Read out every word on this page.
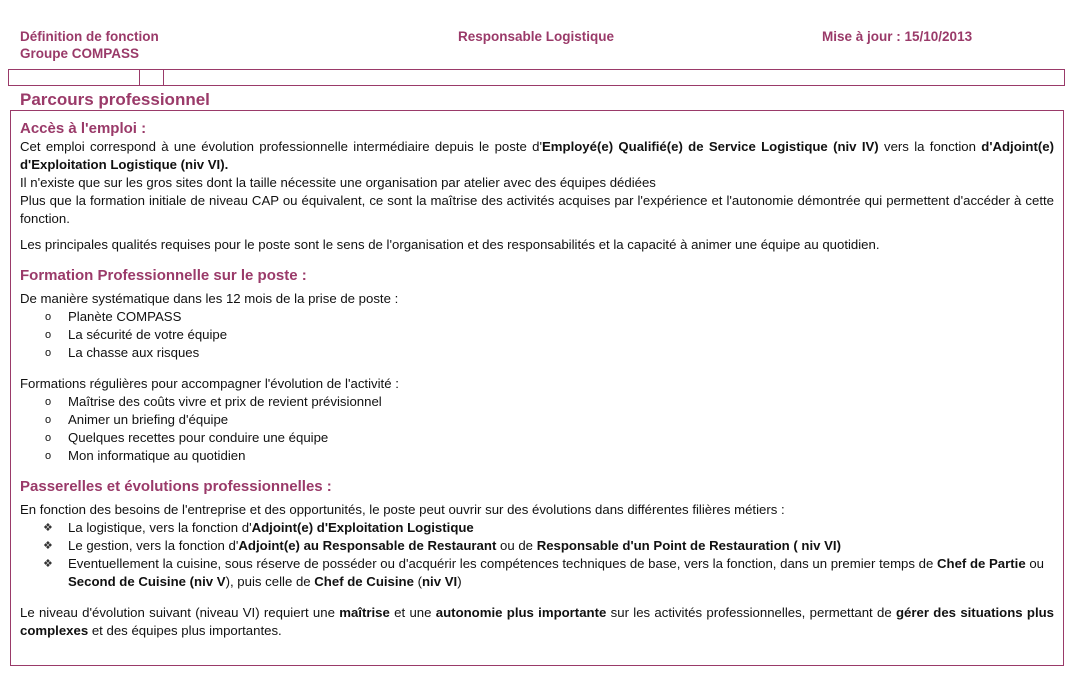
Définition de fonction
Groupe COMPASS
Responsable Logistique	Mise à jour : 15/10/2013
Parcours professionnel
Accès à l'emploi :

Cet emploi correspond à une évolution professionnelle intermédiaire depuis le poste d'Employé(e) Qualifié(e) de Service Logistique (niv IV) vers la fonction d'Adjoint(e) d'Exploitation Logistique (niv VI).

Il n'existe que sur les gros sites dont la taille nécessite une organisation par atelier avec des équipes dédiées

Plus que la formation initiale de niveau CAP ou équivalent, ce sont la maîtrise des activités acquises par l'expérience et l'autonomie démontrée qui permettent d'accéder à cette fonction.

Les principales qualités requises pour le poste sont le sens de l'organisation et des responsabilités et la capacité à animer une équipe au quotidien.

Formation Professionnelle sur le poste :

De manière systématique dans les 12 mois de la prise de poste :

o Planète COMPASS
o La sécurité de votre équipe
o La chasse aux risques

Formations régulières pour accompagner l'évolution de l'activité :

o Maîtrise des coûts vivre et prix de revient prévisionnel
o Animer un briefing d'équipe
o Quelques recettes pour conduire une équipe
o Mon informatique au quotidien
Passerelles et évolutions professionnelles :

En fonction des besoins de l'entreprise et des opportunités, le poste peut ouvrir sur des évolutions dans différentes filières métiers :

❖ La logistique, vers la fonction d'Adjoint(e) d'Exploitation Logistique
❖ Le gestion, vers la fonction d'Adjoint(e) au Responsable de Restaurant ou de Responsable d'un Point de Restauration ( niv VI)
❖ Eventuellement la cuisine, sous réserve de posséder ou d'acquérir les compétences techniques de base, vers la fonction, dans un premier temps de Chef de Partie ou Second de Cuisine (niv V), puis celle de Chef de Cuisine (niv VI)

Le niveau d'évolution suivant (niveau VI) requiert une maîtrise et une autonomie plus importante sur les activités professionnelles, permettant de gérer des situations plus complexes et des équipes plus importantes.
